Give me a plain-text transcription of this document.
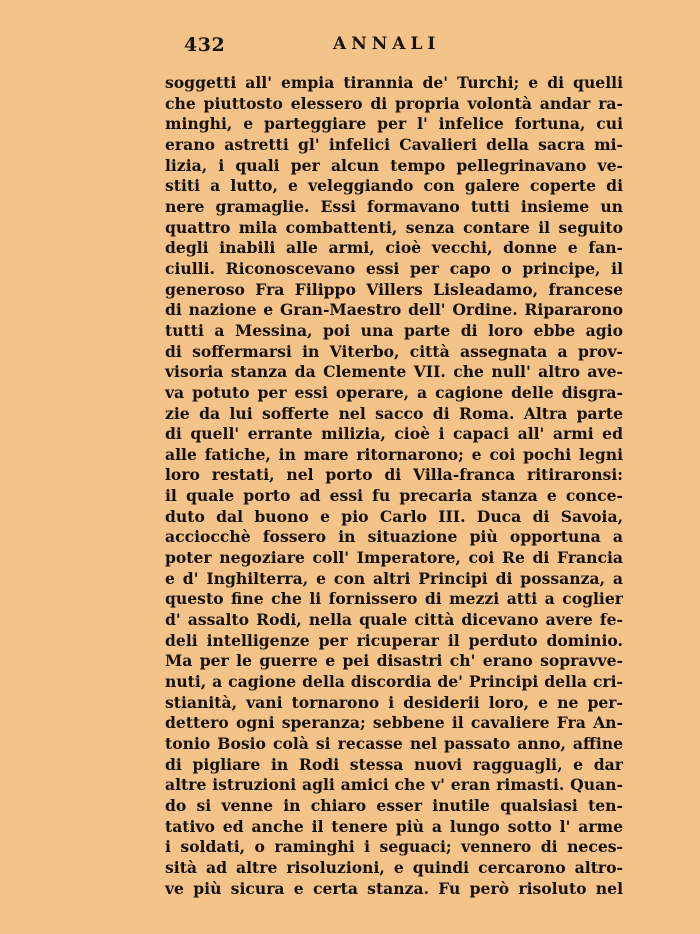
432	ANNALI
soggetti all' empia tirannia de' Turchi; e di quelli
che piuttosto elessero di propria volontà andar ra-
minghi, e parteggiare per l' infelice fortuna, cui
erano astretti gl' infelici Cavalieri della sacra mi-
lizia, i quali per alcun tempo pellegrinavano ve-
stiti a lutto, e veleggiando con galere coperte di
nere gramaglie. Essi formavano tutti insieme un
quattro mila combattenti, senza contare il seguito
degli inabili alle armi, cioè vecchi, donne e fan-
ciulli. Riconoscevano essi per capo o principe, il
generoso Fra Filippo Villers Lisleadamo, francese
di nazione e Gran-Maestro dell' Ordine. Ripararono
tutti a Messina, poi una parte di loro ebbe agio
di soffermarsi in Viterbo, città assegnata a prov-
visoria stanza da Clemente VII. che null' altro ave-
va potuto per essi operare, a cagione delle disgra-
zie da lui sofferte nel sacco di Roma. Altra parte
di quell' errante milizia, cioè i capaci all' armi ed
alle fatiche, in mare ritornarono; e coi pochi legni
loro restati, nel porto di Villa-franca ritiraronsi:
il quale porto ad essi fu precaria stanza e conce-
duto dal buono e pio Carlo III. Duca di Savoia,
acciocchè fossero in situazione più opportuna a
poter negoziare coll' Imperatore, coi Re di Francia
e d' Inghilterra, e con altri Principi di possanza, a
questo fine che li fornissero di mezzi atti a coglier
d' assalto Rodi, nella quale città dicevano avere fe-
deli intelligenze per ricuperar il perduto dominio.
Ma per le guerre e pei disastri ch' erano sopravve-
nuti, a cagione della discordia de' Principi della cri-
stianità, vani tornarono i desiderii loro, e ne per-
dettero ogni speranza; sebbene il cavaliere Fra An-
tonio Bosio colà si recasse nel passato anno, affine
di pigliare in Rodi stessa nuovi ragguagli, e dar
altre istruzioni agli amici che v' eran rimasti. Quan-
do si venne in chiaro esser inutile qualsiasi ten-
tativo ed anche il tenere più a lungo sotto l' arme
i soldati, o raminghi i seguaci; vennero di neces-
sità ad altre risoluzioni, e quindi cercarono altro-
ve più sicura e certa stanza. Fu però risoluto nel
